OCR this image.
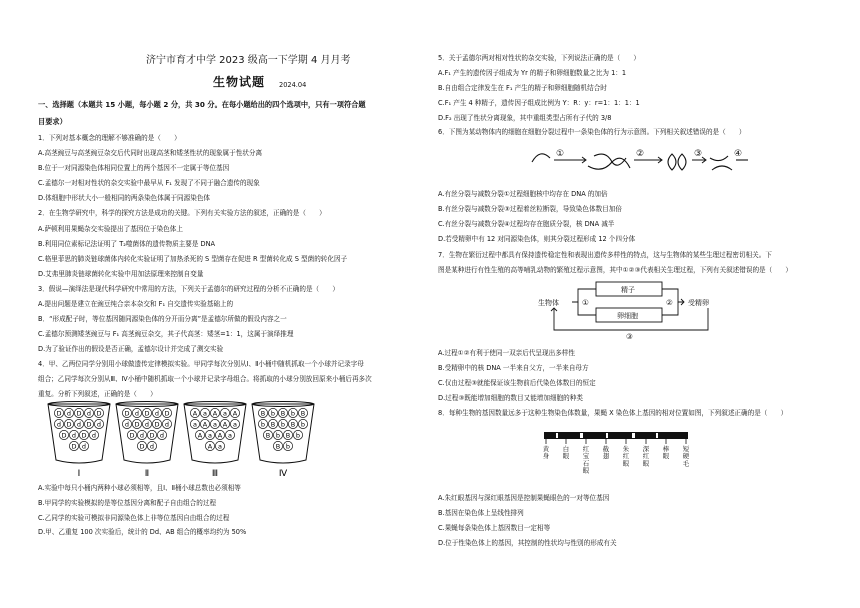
济宁市育才中学 2023 级高一下学期 4 月月考
生物试题 2024.04
一、选择题（本题共 15 小题，每小题 2 分，共 30 分。在每小题给出的四个选项中，只有一项符合题
目要求）
1．下列对基本概念的理解不够准确的是（　　）
A.高茎豌豆与高茎豌豆杂交后代同时出现高茎和矮茎性状的现象属于性状分离
B.位于一对同源染色体相同位置上的两个基因不一定属于等位基因
C.孟德尔一对相对性状的杂交实验中最早从 F₁ 发现了不同于融合遗传的现象
D.体细胞中形状大小一般相同的两条染色体属于同源染色体
2．在生物学研究中，科学的探究方法是成功的关键。下列有关实验方法的叙述，正确的是（　　）
A.萨顿利用果蝇杂交实验提出了基因位于染色体上
B.利用同位素标记法证明了 T₂噬菌体的遗传物质主要是 DNA
C.格里菲思的肺炎链球菌体内转化实验证明了加热杀死的 S 型菌存在促进 R 型菌转化成 S 型菌的转化因子
D.艾弗里肺炎链球菌转化实验中用加法原理来控制自变量
3．假说—演绎法是现代科学研究中常用的方法，下列关于孟德尔的研究过程的分析不正确的是（　　）
A.提出问题是建立在豌豆纯合亲本杂交和 F₁ 自交遗传实验基础上的
B．“形成配子时，等位基因随同源染色体的分开而分离”是孟德尔所做的假设内容之一
C.孟德尔预测矮茎豌豆与 F₁ 高茎豌豆杂交，其子代高茎：矮茎=1：1，这属于演绎推理
D.为了验证作出的假设是否正确，孟德尔设计并完成了测交实验
4．甲、乙两位同学分别用小球做遗传定律模拟实验。甲同学每次分别从Ⅰ、Ⅱ小桶中随机抓取一个小球并记录字母
组合；乙同学每次分别从Ⅲ、Ⅳ小桶中随机抓取一个小球并记录字母组合。将抓取的小球分别放回原来小桶后再多次
重复。分析下列叙述，正确的是（　　）
D d D d D
d D d D d
D d D d
D d
Ⅰ
D d D d D
d D d D d
D d D d
D d
Ⅱ
A a A a A
a A a A a
A a A a
A a
Ⅲ
B b B b B
b B b B b
B b B b
B b
Ⅳ
A.实验中每只小桶内两种小球必须相等，且Ⅰ、Ⅱ桶小球总数也必须相等
B.甲同学的实验模拟的是等位基因分离和配子自由组合的过程
C.乙同学的实验可模拟非同源染色体上非等位基因自由组合的过程
D.甲、乙重复 100 次实验后，统计的 Dd、AB 组合的概率均约为 50%
5．关于孟德尔两对相对性状的杂交实验，下列说法正确的是（　　）
A.F₁ 产生的遗传因子组成为 Yr 的精子和卵细胞数量之比为 1：1
B.自由组合定律发生在 F₁ 产生的精子和卵细胞随机结合时
C.F₁ 产生 4 种精子，遗传因子组成比例为 Y：R：y：r=1：1：1：1
D.F₂ 出现了性状分离现象，其中重组类型占所有子代的 3/8
6．下图为某动物体内的细胞在细胞分裂过程中一条染色体的行为示意图。下列相关叙述错误的是（　　）
①	②	③	④
A.有丝分裂与减数分裂①过程细胞核中均存在 DNA 的加倍
B.有丝分裂与减数分裂③过程着丝粒断裂，导致染色体数目加倍
C.有丝分裂与减数分裂④过程均存在胞质分裂，核 DNA 减半
D.若受精卵中有 12 对同源染色体，则其分裂过程形成 12 个四分体
7．生物在繁衍过程中都具有保持遗传稳定性和表现出遗传多样性的特点，这与生物体的某些生理过程密切相关。下
图是某种进行有性生殖的高等哺乳动物的繁殖过程示意图，其中①②③代表相关生理过程，下列有关叙述错误的是（　　）
生物体
精子
卵细胞
受精卵
①	②
③
A.过程①②有利于使同一双亲后代呈现出多样性
B.受精卵中的核 DNA 一半来自父方，一半来自母方
C.仅由过程③就能保证该生物前后代染色体数目的恒定
D.过程③既能增加细胞的数目又能增加细胞的种类
8．每种生物的基因数量远多于这种生物染色体数量，果蝇 X 染色体上基因的相对位置如图，下列叙述正确的是（　　）
黄身
白眼
红宝石眼
截翅
朱红眼
深红眼
棒眼
短硬毛
A.朱红眼基因与深红眼基因是控制果蝇眼色的一对等位基因
B.基因在染色体上呈线性排列
C.果蝇每条染色体上基因数目一定相等
D.位于性染色体上的基因，其控制的性状均与性别的形成有关
